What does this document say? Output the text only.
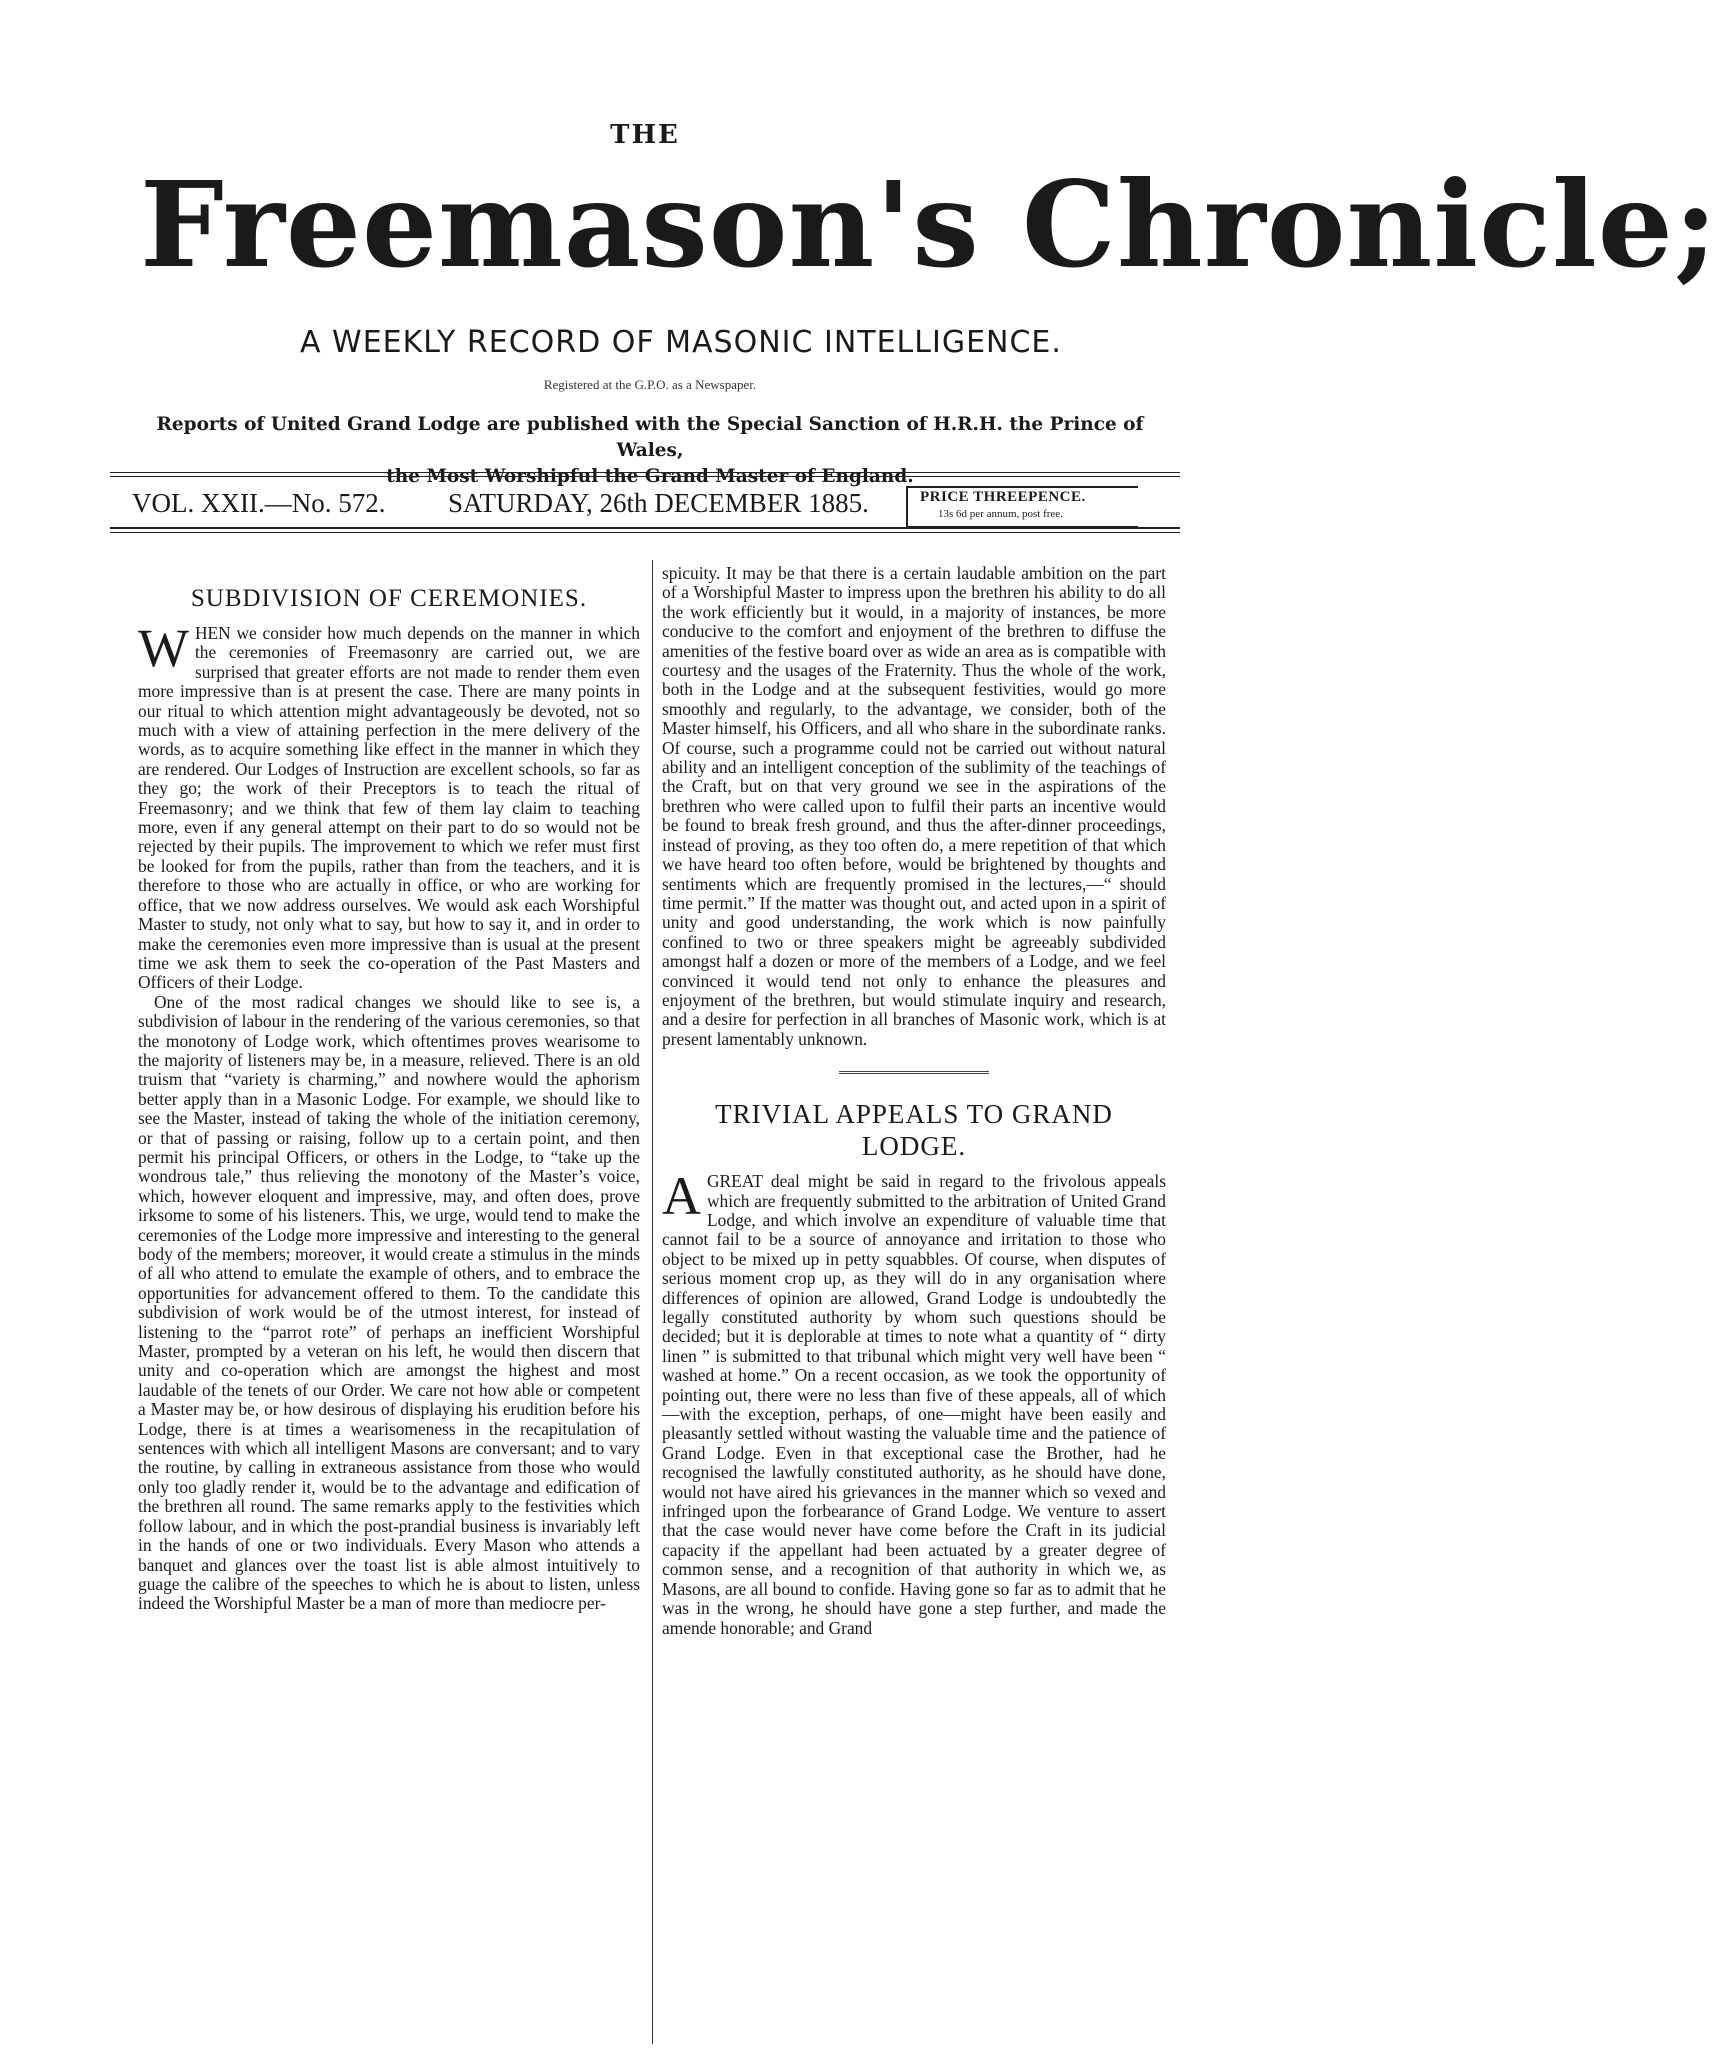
THE
Freemason's Chronicle;
A WEEKLY RECORD OF MASONIC INTELLIGENCE.
Registered at the G.P.O. as a Newspaper.
Reports of United Grand Lodge are published with the Special Sanction of H.R.H. the Prince of Wales,
the Most Worshipful the Grand Master of England.
VOL. XXII.—No. 572. SATURDAY, 26th DECEMBER 1885.	PRICE THREEPENCE.
13s 6d per annum, post free.
SUBDIVISION OF CEREMONIES.

WHEN we consider how much depends on the manner in which the ceremonies of Freemasonry are carried out, we are surprised that greater efforts are not made to render them even more impressive than is at present the case. There are many points in our ritual to which attention might advantageously be devoted, not so much with a view of attaining perfection in the mere delivery of the words, as to acquire something like effect in the manner in which they are rendered. Our Lodges of Instruction are excellent schools, so far as they go; the work of their Preceptors is to teach the ritual of Freemasonry; and we think that few of them lay claim to teaching more, even if any general attempt on their part to do so would not be rejected by their pupils. The improvement to which we refer must first be looked for from the pupils, rather than from the teachers, and it is therefore to those who are actually in office, or who are working for office, that we now address ourselves. We would ask each Worshipful Master to study, not only what to say, but how to say it, and in order to make the ceremonies even more impressive than is usual at the present time we ask them to seek the co-operation of the Past Masters and Officers of their Lodge.

One of the most radical changes we should like to see is, a subdivision of labour in the rendering of the various ceremonies, so that the monotony of Lodge work, which oftentimes proves wearisome to the majority of listeners may be, in a measure, relieved. There is an old truism that “variety is charming,” and nowhere would the aphorism better apply than in a Masonic Lodge. For example, we should like to see the Master, instead of taking the whole of the initiation ceremony, or that of passing or raising, follow up to a certain point, and then permit his principal Officers, or others in the Lodge, to “take up the wondrous tale,” thus relieving the monotony of the Master’s voice, which, however eloquent and impressive, may, and often does, prove irksome to some of his listeners. This, we urge, would tend to make the ceremonies of the Lodge more impressive and interesting to the general body of the members; moreover, it would create a stimulus in the minds of all who attend to emulate the example of others, and to embrace the opportunities for advancement offered to them. To the candidate this subdivision of work would be of the utmost interest, for instead of listening to the “parrot rote” of perhaps an inefficient Worshipful Master, prompted by a veteran on his left, he would then discern that unity and co-operation which are amongst the highest and most laudable of the tenets of our Order. We care not how able or competent a Master may be, or how desirous of displaying his erudition before his Lodge, there is at times a wearisomeness in the recapitulation of sentences with which all intelligent Masons are conversant; and to vary the routine, by calling in extraneous assistance from those who would only too gladly render it, would be to the advantage and edification of the brethren all round. The same remarks apply to the festivities which follow labour, and in which the post-prandial business is invariably left in the hands of one or two individuals. Every Mason who attends a banquet and glances over the toast list is able almost intuitively to guage the calibre of the speeches to which he is about to listen, unless indeed the Worshipful Master be a man of more than mediocre per-

spicuity. It may be that there is a certain laudable ambition on the part of a Worshipful Master to impress upon the brethren his ability to do all the work efficiently but it would, in a majority of instances, be more conducive to the comfort and enjoyment of the brethren to diffuse the amenities of the festive board over as wide an area as is compatible with courtesy and the usages of the Fraternity. Thus the whole of the work, both in the Lodge and at the subsequent festivities, would go more smoothly and regularly, to the advantage, we consider, both of the Master himself, his Officers, and all who share in the subordinate ranks. Of course, such a programme could not be carried out without natural ability and an intelligent conception of the sublimity of the teachings of the Craft, but on that very ground we see in the aspirations of the brethren who were called upon to fulfil their parts an incentive would be found to break fresh ground, and thus the after-dinner proceedings, instead of proving, as they too often do, a mere repetition of that which we have heard too often before, would be brightened by thoughts and sentiments which are frequently promised in the lectures,—“ should time permit.” If the matter was thought out, and acted upon in a spirit of unity and good understanding, the work which is now painfully confined to two or three speakers might be agreeably subdivided amongst half a dozen or more of the members of a Lodge, and we feel convinced it would tend not only to enhance the pleasures and enjoyment of the brethren, but would stimulate inquiry and research, and a desire for perfection in all branches of Masonic work, which is at present lamentably unknown.

TRIVIAL APPEALS TO GRAND LODGE.

AGREAT deal might be said in regard to the frivolous appeals which are frequently submitted to the arbitration of United Grand Lodge, and which involve an expenditure of valuable time that cannot fail to be a source of annoyance and irritation to those who object to be mixed up in petty squabbles. Of course, when disputes of serious moment crop up, as they will do in any organisation where differences of opinion are allowed, Grand Lodge is undoubtedly the legally constituted authority by whom such questions should be decided; but it is deplorable at times to note what a quantity of “ dirty linen ” is submitted to that tribunal which might very well have been “ washed at home.” On a recent occasion, as we took the opportunity of pointing out, there were no less than five of these appeals, all of which—with the exception, perhaps, of one—might have been easily and pleasantly settled without wasting the valuable time and the patience of Grand Lodge. Even in that exceptional case the Brother, had he recognised the lawfully constituted authority, as he should have done, would not have aired his grievances in the manner which so vexed and infringed upon the forbearance of Grand Lodge. We venture to assert that the case would never have come before the Craft in its judicial capacity if the appellant had been actuated by a greater degree of common sense, and a recognition of that authority in which we, as Masons, are all bound to confide. Having gone so far as to admit that he was in the wrong, he should have gone a step further, and made the amende honorable; and Grand
